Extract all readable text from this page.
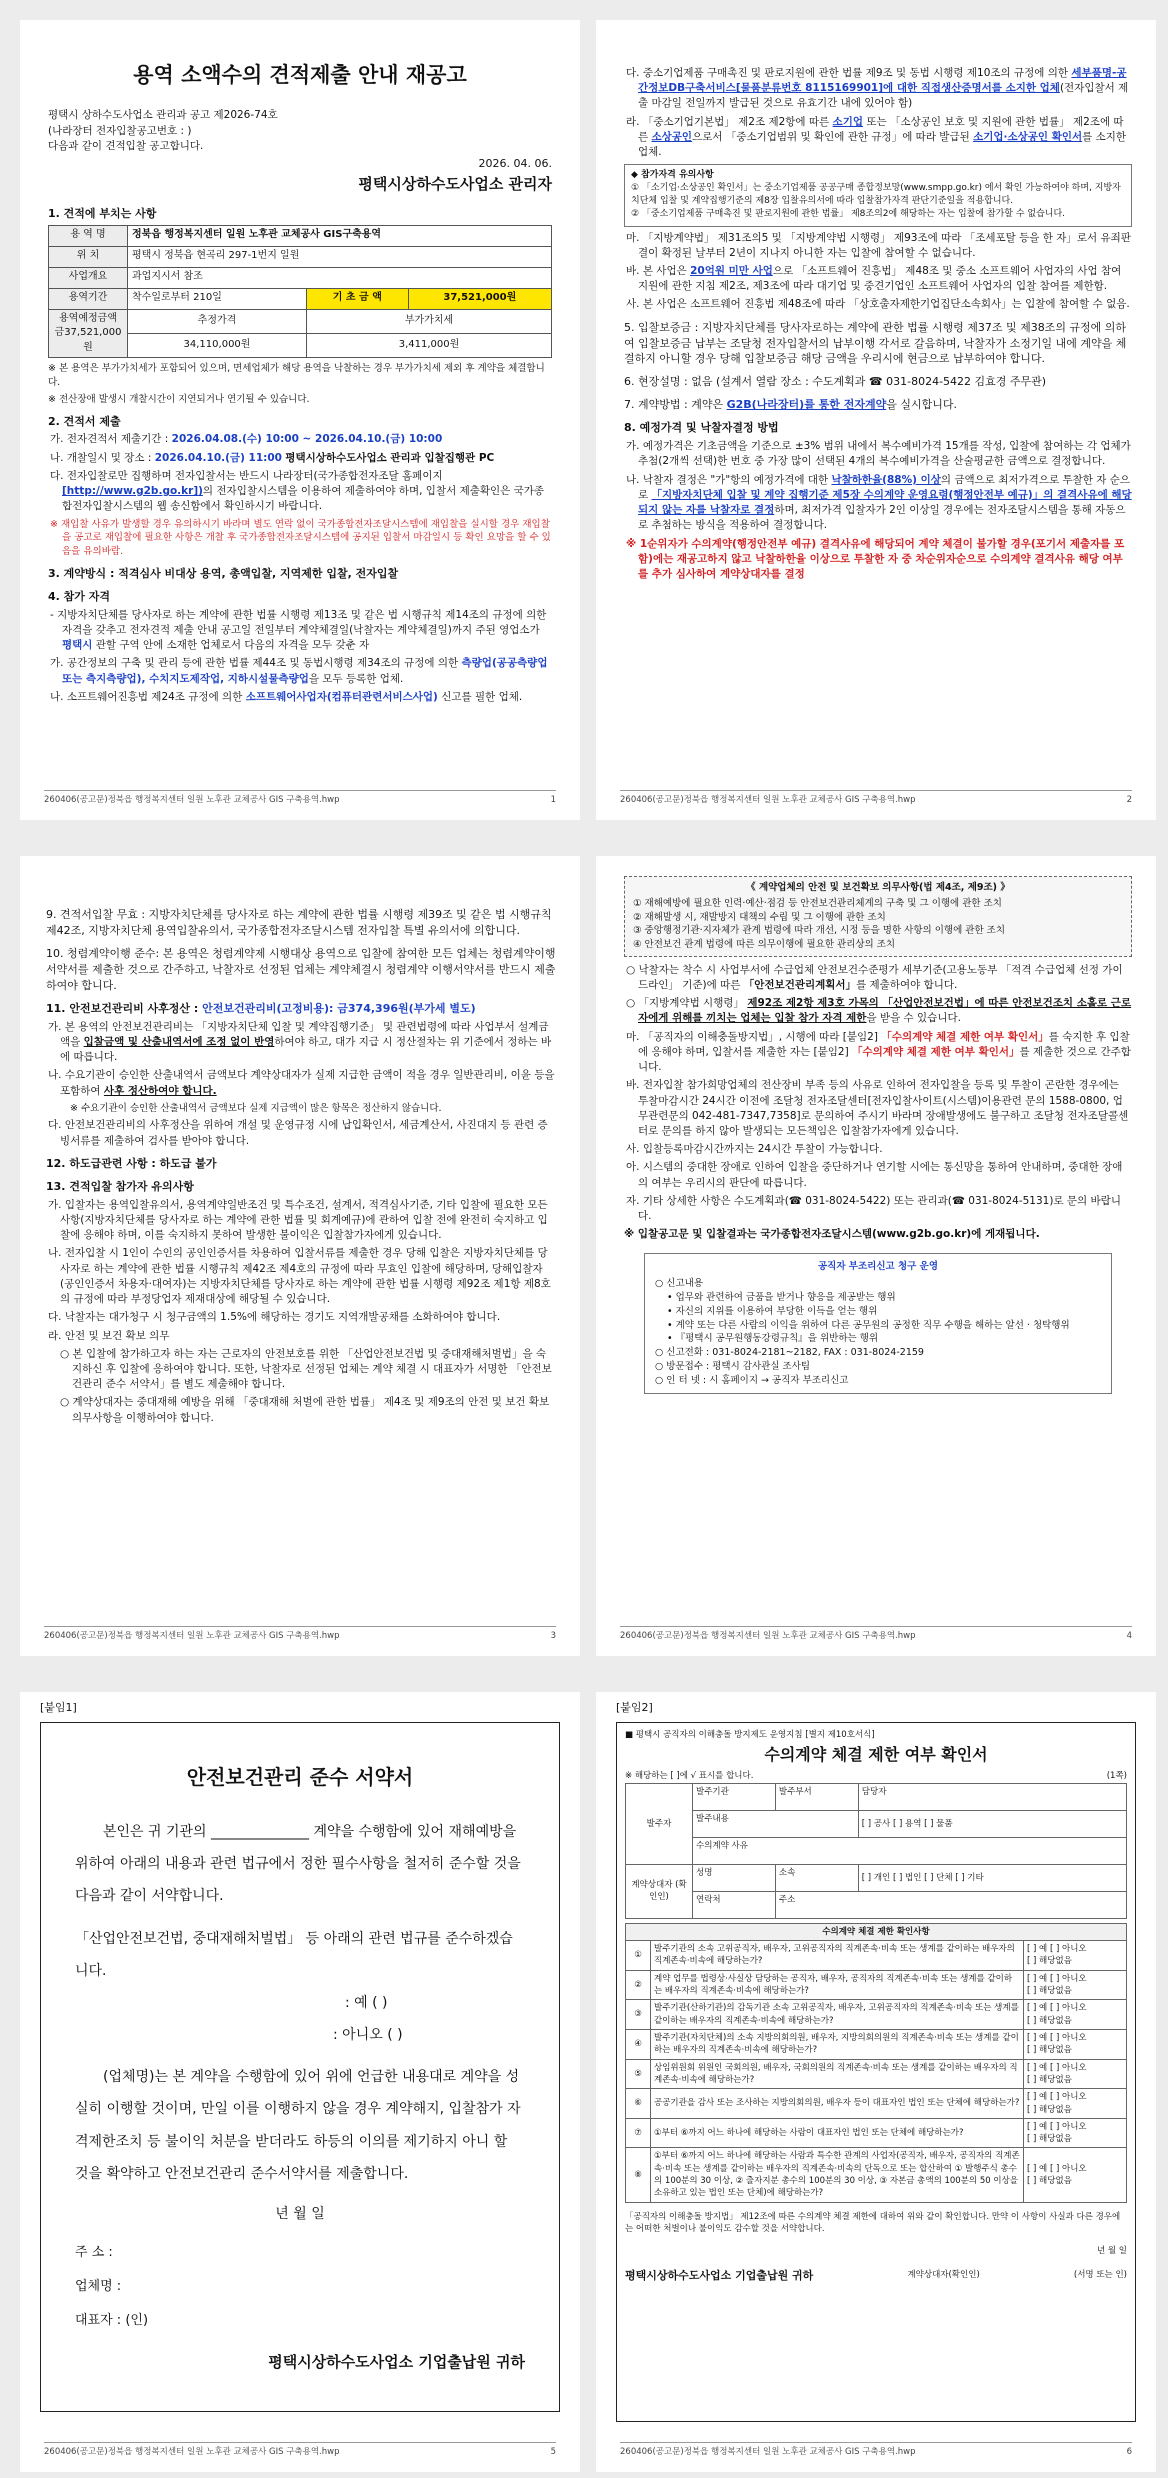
용역 소액수의 견적제출 안내 재공고
평택시 상하수도사업소 관리과 공고 제2026-74호
(나라장터 전자입찰공고번호 : )
다음과 같이 견적입찰 공고합니다.
2026. 04. 06.
평택시상하수도사업소 관리자
1. 견적에 부치는 사항
용 역 명	정북읍 행정복지센터 일원 노후관 교체공사 GIS구축용역		
위 치	평택시 정북읍 현곡리 297-1번지 일원		
사업개요	과업지시서 참조		
용역기간	착수일로부터 210일	기 초 금 액	37,521,000원
용역예정금액
금37,521,000원	추정가격	부가가치세	
	34,110,000원	3,411,000원	
※ 본 용역은 부가가치세가 포함되어 있으며, 면세업체가 해당 용역을 낙찰하는 경우 부가가치세 제외 후 계약을 체결합니다.
※ 전산장애 발생시 개찰시간이 지연되거나 연기될 수 있습니다.
2. 견적서 제출
가. 전자견적서 제출기간 : 2026.04.08.(수) 10:00 ~ 2026.04.10.(금) 10:00
나. 개찰일시 및 장소 : 2026.04.10.(금) 11:00 평택시상하수도사업소 관리과 입찰집행관 PC
다. 전자입찰로만 집행하며 전자입찰서는 반드시 나라장터(국가종합전자조달 홈페이지 [http://www.g2b.go.kr])의 전자입찰시스템을 이용하여 제출하여야 하며, 입찰서 제출확인은 국가종합전자입찰시스템의 웹 송신함에서 확인하시기 바랍니다.
※ 재입찰 사유가 발생할 경우 유의하시기 바라며 별도 연락 없이 국가종합전자조달시스템에 재입찰을 실시할 경우 재입찰을 공고로 재입찰에 필요한 사항은 개찰 후 국가종합전자조달시스템에 공지된 입찰서 마감일시 등 확인 요망을 할 수 있음을 유의바람.
3. 계약방식 : 적격심사 비대상 용역, 총액입찰, 지역제한 입찰, 전자입찰
4. 참가 자격
- 지방자치단체를 당사자로 하는 계약에 관한 법률 시행령 제13조 및 같은 법 시행규칙 제14조의 규정에 의한 자격을 갖추고 전자견적 제출 안내 공고일 전일부터 계약체결일(낙찰자는 계약체결일)까지 주된 영업소가 평택시 관할 구역 안에 소재한 업체로서 다음의 자격을 모두 갖춘 자
가. 공간정보의 구축 및 관리 등에 관한 법률 제44조 및 동법시행령 제34조의 규정에 의한 측량업(공공측량업 또는 측지측량업), 수치지도제작업, 지하시설물측량업을 모두 등록한 업체.
나. 소프트웨어진흥법 제24조 규정에 의한 소프트웨어사업자(컴퓨터관련서비스사업) 신고를 필한 업체.
260406(공고문)정북읍 행정복지센터 일원 노후관 교체공사 GIS 구축용역.hwp	1
다. 중소기업제품 구매촉진 및 판로지원에 관한 법률 제9조 및 동법 시행령 제10조의 규정에 의한 세부품명-공간정보DB구축서비스[물품분류번호 8115169901]에 대한 직접생산증명서를 소지한 업체(전자입찰서 제출 마감일 전일까지 발급된 것으로 유효기간 내에 있어야 함)
라. 「중소기업기본법」 제2조 제2항에 따른 소기업 또는 「소상공인 보호 및 지원에 관한 법률」 제2조에 따른 소상공인으로서 「중소기업범위 및 확인에 관한 규정」에 따라 발급된 소기업·소상공인 확인서를 소지한 업체.
◆ 참가자격 유의사항
① 「소기업·소상공인 확인서」는 중소기업제품 공공구매 종합정보망(www.smpp.go.kr) 에서 확인 가능하여야 하며, 지방자치단체 입찰 및 계약집행기준의 제8장 입찰유의서에 따라 입찰참가자격 판단기준일을 적용합니다.
② 「중소기업제품 구매촉진 및 판로지원에 관한 법률」 제8조의2에 해당하는 자는 입찰에 참가할 수 없습니다.
마. 「지방계약법」 제31조의5 및 「지방계약법 시행령」 제93조에 따라 「조세포탈 등을 한 자」로서 유죄판결이 확정된 날부터 2년이 지나지 아니한 자는 입찰에 참여할 수 없습니다.
바. 본 사업은 20억원 미만 사업으로 「소프트웨어 진흥법」 제48조 및 중소 소프트웨어 사업자의 사업 참여 지원에 관한 지침 제2조, 제3조에 따라 대기업 및 중견기업인 소프트웨어 사업자의 입찰 참여를 제한함.
사. 본 사업은 소프트웨어 진흥법 제48조에 따라 「상호출자제한기업집단소속회사」는 입찰에 참여할 수 없음.
5. 입찰보증금 : 지방자치단체를 당사자로하는 계약에 관한 법률 시행령 제37조 및 제38조의 규정에 의하여 입찰보증금 납부는 조달청 전자입찰서의 납부이행 각서로 갈음하며, 낙찰자가 소정기일 내에 계약을 체결하지 아니할 경우 당해 입찰보증금 해당 금액을 우리시에 현금으로 납부하여야 합니다.
6. 현장설명 : 없음 (설계서 열람 장소 : 수도계획과 ☎ 031-8024-5422 김효경 주무관)
7. 계약방법 : 계약은 G2B(나라장터)를 통한 전자계약을 실시합니다.
8. 예정가격 및 낙찰자결정 방법
가. 예정가격은 기초금액을 기준으로 ±3% 범위 내에서 복수예비가격 15개를 작성, 입찰에 참여하는 각 업체가 추첨(2개씩 선택)한 번호 중 가장 많이 선택된 4개의 복수예비가격을 산술평균한 금액으로 결정합니다.
나. 낙찰자 결정은 "가"항의 예정가격에 대한 낙찰하한율(88%) 이상의 금액으로 최저가격으로 투찰한 자 순으로 「지방자치단체 입찰 및 계약 집행기준 제5장 수의계약 운영요령(행정안전부 예규)」의 결격사유에 해당되지 않는 자를 낙찰자로 결정하며, 최저가격 입찰자가 2인 이상일 경우에는 전자조달시스템을 통해 자동으로 추첨하는 방식을 적용하여 결정합니다.
※ 1순위자가 수의계약(행정안전부 예규) 결격사유에 해당되어 계약 체결이 불가할 경우(포기서 제출자를 포함)에는 재공고하지 않고 낙찰하한율 이상으로 투찰한 자 중 차순위자순으로 수의계약 결격사유 해당 여부를 추가 심사하여 계약상대자를 결정
260406(공고문)정북읍 행정복지센터 일원 노후관 교체공사 GIS 구축용역.hwp	2
9. 견적서입찰 무효 : 지방자치단체를 당사자로 하는 계약에 관한 법률 시행령 제39조 및 같은 법 시행규칙 제42조, 지방자치단체 용역입찰유의서, 국가종합전자조달시스템 전자입찰 특별 유의서에 의합니다.
10. 청렴계약이행 준수: 본 용역은 청렴계약제 시행대상 용역으로 입찰에 참여한 모든 업체는 청렴계약이행서약서를 제출한 것으로 간주하고, 낙찰자로 선정된 업체는 계약체결시 청렴계약 이행서약서를 반드시 제출하여야 합니다.
11. 안전보건관리비 사후정산 : 안전보건관리비(고정비용): 금374,396원(부가세 별도)
가. 본 용역의 안전보건관리비는 「지방자치단체 입찰 및 계약집행기준」 및 관련법령에 따라 사업부서 설계금액을 입찰금액 및 산출내역서에 조정 없이 반영하여야 하고, 대가 지급 시 정산절차는 위 기준에서 정하는 바에 따릅니다.
나. 수요기관이 승인한 산출내역서 금액보다 계약상대자가 실제 지급한 금액이 적을 경우 일반관리비, 이윤 등을 포함하여 사후 정산하여야 합니다.
※ 수요기관이 승인한 산출내역서 금액보다 실제 지급액이 많은 항목은 정산하지 않습니다.
다. 안전보건관리비의 사후정산을 위하여 개설 및 운영규정 시에 납입확인서, 세금계산서, 사진대지 등 관련 증빙서류를 제출하여 검사를 받아야 합니다.
12. 하도급관련 사항 : 하도급 불가
13. 견적입찰 참가자 유의사항
가. 입찰자는 용역입찰유의서, 용역계약일반조건 및 특수조건, 설계서, 적격심사기준, 기타 입찰에 필요한 모든 사항(지방자치단체를 당사자로 하는 계약에 관한 법률 및 회계예규)에 관하여 입찰 전에 완전히 숙지하고 입찰에 응해야 하며, 이를 숙지하지 못하여 발생한 불이익은 입찰참가자에게 있습니다.
나. 전자입찰 시 1인이 수인의 공인인증서를 차용하여 입찰서류를 제출한 경우 당해 입찰은 지방자치단체를 당사자로 하는 계약에 관한 법률 시행규칙 제42조 제4호의 규정에 따라 무효인 입찰에 해당하며, 당해입찰자(공인인증서 차용자·대여자)는 지방자치단체를 당사자로 하는 계약에 관한 법률 시행령 제92조 제1항 제8호의 규정에 따라 부정당업자 제재대상에 해당될 수 있습니다.
다. 낙찰자는 대가청구 시 청구금액의 1.5%에 해당하는 경기도 지역개발공채를 소화하여야 합니다.
라. 안전 및 보건 확보 의무
○ 본 입찰에 참가하고자 하는 자는 근로자의 안전보호를 위한 「산업안전보건법 및 중대재해처벌법」을 숙지하신 후 입찰에 응하여야 합니다. 또한, 낙찰자로 선정된 업체는 계약 체결 시 대표자가 서명한 「안전보건관리 준수 서약서」를 별도 제출해야 합니다.
○ 계약상대자는 중대재해 예방을 위해 「중대재해 처벌에 관한 법률」 제4조 및 제9조의 안전 및 보건 확보 의무사항을 이행하여야 합니다.
260406(공고문)정북읍 행정복지센터 일원 노후관 교체공사 GIS 구축용역.hwp	3
《 계약업체의 안전 및 보건확보 의무사항(법 제4조, 제9조) 》
① 재해예방에 필요한 인력·예산·점검 등 안전보건관리체계의 구축 및 그 이행에 관한 조치
② 재해발생 시, 재발방지 대책의 수립 및 그 이행에 관한 조치
③ 중앙행정기관·지자체가 관계 법령에 따라 개선, 시정 등을 명한 사항의 이행에 관한 조치
④ 안전보건 관계 법령에 따른 의무이행에 필요한 관리상의 조치
○ 낙찰자는 착수 시 사업부서에 수급업체 안전보건수준평가 세부기준(고용노동부 「적격 수급업체 선정 가이드라인」 기준)에 따른 「안전보건관리계획서」를 제출하여야 합니다.
○ 「지방계약법 시행령」 제92조 제2항 제3호 가목의 「산업안전보건법」에 따른 안전보건조치 소홀로 근로자에게 위해를 끼치는 업체는 입찰 참가 자격 제한을 받을 수 있습니다.
마. 「공직자의 이해충돌방지법」, 시행에 따라 [붙임2] 「수의계약 체결 제한 여부 확인서」를 숙지한 후 입찰에 응해야 하며, 입찰서를 제출한 자는 [붙임2] 「수의계약 체결 제한 여부 확인서」를 제출한 것으로 간주합니다.
바. 전자입찰 참가희망업체의 전산장비 부족 등의 사유로 인하여 전자입찰을 등록 및 투찰이 곤란한 경우에는 투찰마감시간 24시간 이전에 조달청 전자조달센터[전자입찰사이트(시스템)이용관련 문의 1588-0800, 업무관련문의 042-481-7347,7358]로 문의하여 주시기 바라며 장애발생에도 불구하고 조달청 전자조달콜센터로 문의를 하지 않아 발생되는 모든책임은 입찰참가자에게 있습니다.
사. 입찰등록마감시간까지는 24시간 투찰이 가능합니다.
아. 시스템의 중대한 장애로 인하여 입찰을 중단하거나 연기할 시에는 통신망을 통하여 안내하며, 중대한 장애의 여부는 우리시의 판단에 따릅니다.
자. 기타 상세한 사항은 수도계획과(☎ 031-8024-5422) 또는 관리과(☎ 031-8024-5131)로 문의 바랍니다.
※ 입찰공고문 및 입찰결과는 국가종합전자조달시스템(www.g2b.go.kr)에 게재됩니다.
공직자 부조리신고 청구 운영
○ 신고내용
• 업무와 관련하여 금품을 받거나 향응을 제공받는 행위
• 자신의 지위를 이용하여 부당한 이득을 얻는 행위
• 계약 또는 다른 사람의 이익을 위하여 다른 공무원의 공정한 직무 수행을 해하는 알선 · 청탁행위
• 『평택시 공무원행동강령규칙』을 위반하는 행위
○ 신고전화 : 031-8024-2181~2182, FAX : 031-8024-2159
○ 방문접수 : 평택시 감사관실 조사팀
○ 인 터 넷 : 시 홈페이지 → 공직자 부조리신고
260406(공고문)정북읍 행정복지센터 일원 노후관 교체공사 GIS 구축용역.hwp	4
[붙임1]
안전보건관리 준수 서약서
본인은 귀 기관의 ______________ 계약을 수행함에 있어 재해예방을 위하여 아래의 내용과 관련 법규에서 정한 필수사항을 철저히 준수할 것을 다음과 같이 서약합니다.
「산업안전보건법, 중대재해처벌법」 등 아래의 관련 법규를 준수하겠습니다.
: 예 ( )
: 아니오 ( )
(업체명)는 본 계약을 수행함에 있어 위에 언급한 내용대로 계약을 성실히 이행할 것이며, 만일 이를 이행하지 않을 경우 계약해지, 입찰참가 자격제한조치 등 불이익 처분을 받더라도 하등의 이의를 제기하지 아니 할 것을 확약하고 안전보건관리 준수서약서를 제출합니다.
년 월 일
주 소 :
업체명 :
대표자 : (인)
평택시상하수도사업소 기업출납원 귀하
260406(공고문)정북읍 행정복지센터 일원 노후관 교체공사 GIS 구축용역.hwp	5
[붙임2]
■ 평택시 공직자의 이해충돌 방지제도 운영지침 [별지 제10호서식]
수의계약 체결 제한 여부 확인서
※ 해당하는 [ ]에 √ 표시를 합니다.	(1쪽)
발주자	발주기관	발주부서	담당자
	발주내용		[ ] 공사 [ ] 용역 [ ] 물품
	수의계약 사유		
계약상대자 (확인인)	성명	소속	[ ] 개인 [ ] 법인 [ ] 단체 [ ] 기타
	연락처	주소	
수의계약 체결 제한 확인사항		
①	발주기관의 소속 고위공직자, 배우자, 고위공직자의 직계존속·비속 또는 생계를 같이하는 배우자의 직계존속·비속에 해당하는가?	[ ] 예 [ ] 아니오
[ ] 해당없음

②	계약 업무를 법령상·사실상 담당하는 공직자, 배우자, 공직자의 직계존속·비속 또는 생계를 같이하는 배우자의 직계존속·비속에 해당하는가?	[ ] 예 [ ] 아니오
[ ] 해당없음

③	발주기관(산하기관)의 감독기관 소속 고위공직자, 배우자, 고위공직자의 직계존속·비속 또는 생계를 같이하는 배우자의 직계존속·비속에 해당하는가?	[ ] 예 [ ] 아니오
[ ] 해당없음

④	발주기관(자치단체)의 소속 지방의회의원, 배우자, 지방의회의원의 직계존속·비속 또는 생계를 같이하는 배우자의 직계존속·비속에 해당하는가?	[ ] 예 [ ] 아니오
[ ] 해당없음

⑤	상임위원회 위원인 국회의원, 배우자, 국회의원의 직계존속·비속 또는 생계를 같이하는 배우자의 직계존속·비속에 해당하는가?	[ ] 예 [ ] 아니오
[ ] 해당없음

⑥	공공기관을 감사 또는 조사하는 지방의회의원, 배우자 등이 대표자인 법인 또는 단체에 해당하는가?	[ ] 예 [ ] 아니오
[ ] 해당없음

⑦	①부터 ⑥까지 어느 하나에 해당하는 사람이 대표자인 법인 또는 단체에 해당하는가?	[ ] 예 [ ] 아니오
[ ] 해당없음

⑧	①부터 ⑥까지 어느 하나에 해당하는 사람과 특수한 관계의 사업자(공직자, 배우자, 공직자의 직계존속·비속 또는 생계를 같이하는 배우자의 직계존속·비속의 단독으로 또는 합산하여 ① 발행주식 총수의 100분의 30 이상, ② 출자지분 총수의 100분의 30 이상, ③ 자본금 총액의 100분의 50 이상을 소유하고 있는 법인 또는 단체)에 해당하는가?	[ ] 예 [ ] 아니오
[ ] 해당없음
「공직자의 이해충돌 방지법」 제12조에 따른 수의계약 체결 제한에 대하여 위와 같이 확인합니다. 만약 이 사항이 사실과 다른 경우에는 어떠한 처벌이나 불이익도 감수할 것을 서약합니다.
년 월 일
평택시상하수도사업소 기업출납원 귀하	계약상대자(확인인)	(서명 또는 인)
260406(공고문)정북읍 행정복지센터 일원 노후관 교체공사 GIS 구축용역.hwp	6
